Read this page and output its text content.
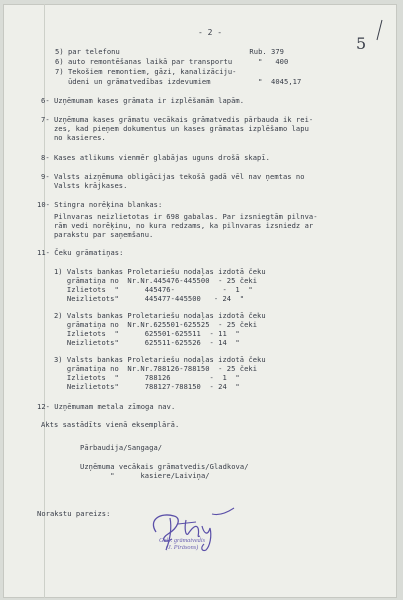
- 2 -
5
5) par telefonu                              Rub. 379
6) auto remontēšanas laikā par transportu      "   400
7) Tekošiem remontiem, gāzi, kanalizāciju-
ūdeni un grāmatvedības izdevumiem           "  4045,17
6- Uzņēmumam kases grāmata ir izplēšamām lapām.
7- Uzņēmuma kases grāmatu vecākais grāmatvedis pārbauda ik rei-
zes, kad pieņem dokumentus un kases grāmatas izplēšamo lapu
no kasieres.
8- Kases atlikums vienmēr glabājas uguns drošā skapī.
9- Valsts aizņēmuma obligācijas tekošā gadā vēl nav ņemtas no
Valsts krājkases.
10- Stingra norēķina blankas:
Pilnvaras neizlietotas ir 698 gabalas. Par izsniegtām pilnva-
rām vedi norēķinu, no kura redzams, ka pilnvaras izsniedz ar
parakstu par saņemšanu.
11- Čeku grāmatiņas:
1) Valsts bankas Proletariešu nodaļas izdotā čeku
grāmatiņa no  Nr.Nr.445476-445500  - 25 čeki
Izlietots  "      445476-           -  1  "
Neizlietots"      445477-445500   - 24  "
2) Valsts bankas Proletariešu nodaļas izdotā čeku
grāmatiņa no  Nr.Nr.625501-625525  - 25 čeki
Izlietots  "      625501-625511  - 11  "
Neizlietots"      625511-625526  - 14  "
3) Valsts bankas Proletariešu nodaļas izdotā čeku
grāmatiņa no  Nr.Nr.788126-788150  - 25 čeki
Izlietots  "      788126         -  1  "
Neizlietots"      788127-788150  - 24  "
12- Uzņēmumam metala zīmoga nav.
Akts sastādīts vienā eksemplārā.
Pārbaudija/Sangaga/
Uzņēmuma vecākais grāmatvedis/Gladkova/
"      kasiere/Laiviņa/
Norakstu pareizs:
Galv. grāmatvedis
(J. Pīrāsons)
